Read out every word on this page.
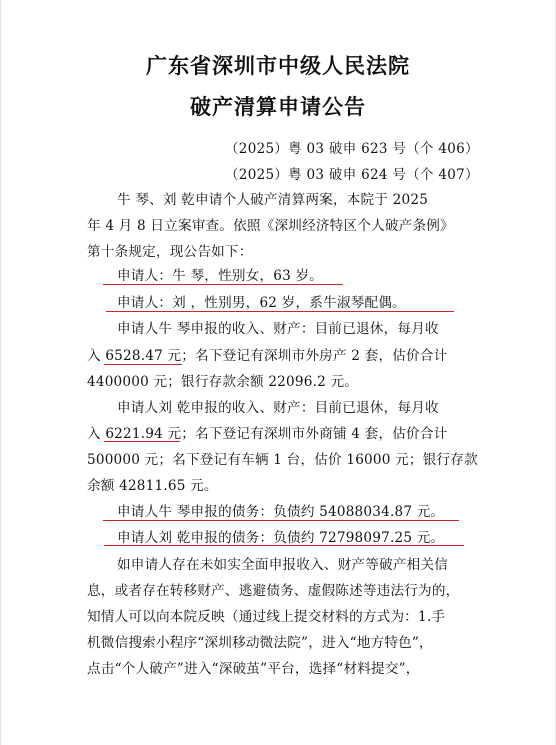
广东省深圳市中级人民法院
破产清算申请公告
（2025）粤 03 破申 623 号（个 406）
（2025）粤 03 破申 624 号（个 407）
牛 琴、刘 乾申请个人破产清算两案，本院于 2025
年 4 月 8 日立案审查。依照《深圳经济特区个人破产条例》
第十条规定，现公告如下：
申请人：牛 琴，性别女，63 岁。
申请人：刘 ，性别男，62 岁，系牛淑琴配偶。
申请人牛 琴申报的收入、财产：目前已退休，每月收
入 6528.47 元；名下登记有深圳市外房产 2 套，估价合计
4400000 元；银行存款余额 22096.2 元。
申请人刘 乾申报的收入、财产：目前已退休，每月收
入 6221.94 元；名下登记有深圳市外商铺 4 套，估价合计
500000 元；名下登记有车辆 1 台，估价 16000 元；银行存款
余额 42811.65 元。
申请人牛 琴申报的债务：负债约 54088034.87 元。
申请人刘 乾申报的债务：负债约 72798097.25 元。
如申请人存在未如实全面申报收入、财产等破产相关信
息，或者存在转移财产、逃避债务、虚假陈述等违法行为的，
知情人可以向本院反映（通过线上提交材料的方式为：1.手
机微信搜索小程序“深圳移动微法院”，进入“地方特色”，
点击“个人破产”进入“深破茧”平台，选择“材料提交”，
